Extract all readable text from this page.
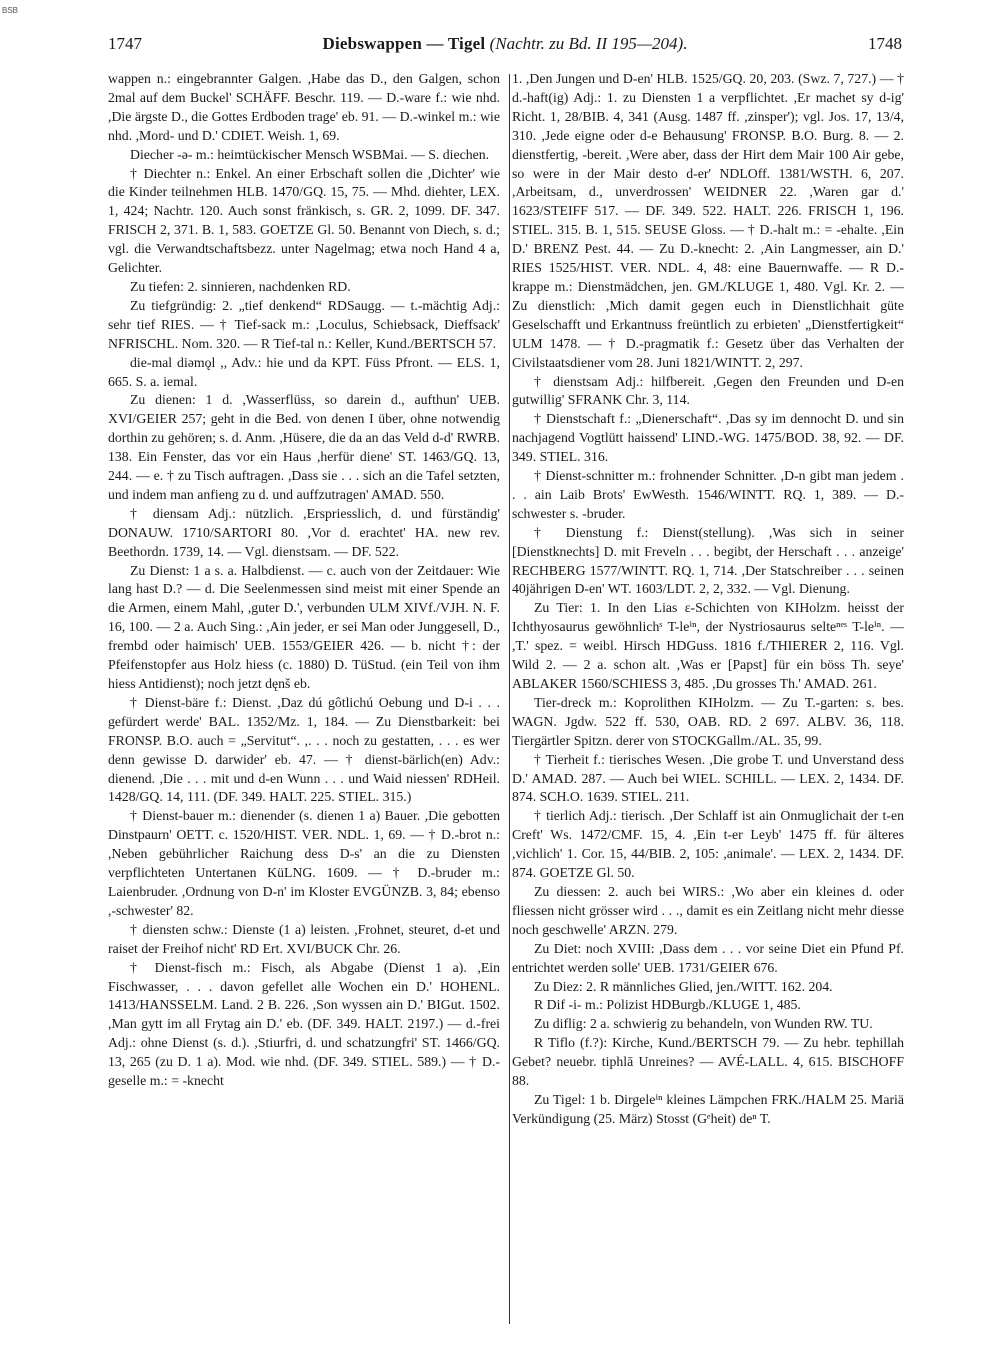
BSB
1747	Diebswappen — Tigel (Nachtr. zu Bd. II 195—204).	1748

wappen n.: eingebrannter Galgen. ,Habe das D., den Galgen, schon 2mal auf dem Buckel' SCHÄFF. Beschr. 119. — D.-ware f.: wie nhd. ,Die ärgste D., die Gottes Erdboden trage' eb. 91. — D.-winkel m.: wie nhd. ,Mord- und D.' CDIET. Weish. 1, 69.

Diecher -ǝ- m.: heimtückischer Mensch WSBMai. — S. diechen.

† Diechter n.: Enkel. An einer Erbschaft sollen die ,Dichter' wie die Kinder teilnehmen HLB. 1470/GQ. 15, 75. — Mhd. diehter, LEX. 1, 424; Nachtr. 120. Auch sonst fränkisch, s. GR. 2, 1099. DF. 347. FRISCH 2, 371. B. 1, 583. GOETZE Gl. 50. Benannt von Diech, s. d.; vgl. die Verwandtschaftsbezz. unter Nagelmag; etwa noch Hand 4 a, Gelichter.

Zu tiefen: 2. sinnieren, nachdenken RD.

Zu tiefgründig: 2. „tief denkend“ RDSaugg. — t.-mächtig Adj.: sehr tief RIES. — † Tief-sack m.: ,Loculus, Schiebsack, Dieffsack' NFRISCHL. Nom. 320. — R Tief-tal n.: Keller, Kund./BERTSCH 57.

die-mal diǝmǫl ,, Adv.: hie und da KPT. Füss Pfront. — ELS. 1, 665. S. a. iemal.

Zu dienen: 1 d. ,Wasserflüss, so darein d., aufthun' UEB. XVI/GEIER 257; geht in die Bed. von denen I über, ohne notwendig dorthin zu gehören; s. d. Anm. ,Hüsere, die da an das Veld d-d' RWRB. 138. Ein Fenster, das vor ein Haus ,herfür diene' ST. 1463/GQ. 13, 244. — e. † zu Tisch auftragen. ,Dass sie . . . sich an die Tafel setzten, und indem man anfieng zu d. und auffzutragen' AMAD. 550.

† diensam Adj.: nützlich. ,Erspriesslich, d. und fürständig' DONAUW. 1710/SARTORI 80. ,Vor d. erachtet' HA. new rev. Beethordn. 1739, 14. — Vgl. dienstsam. — DF. 522.

Zu Dienst: 1 a s. a. Halbdienst. — c. auch von der Zeitdauer: Wie lang hast D.? — d. Die Seelenmessen sind meist mit einer Spende an die Armen, einem Mahl, ,guter D.', verbunden ULM XIVf./VJH. N. F. 16, 100. — 2 a. Auch Sing.: ,Ain jeder, er sei Man oder Junggesell, D., frembd oder haimisch' UEB. 1553/GEIER 426. — b. nicht †: der Pfeifenstopfer aus Holz hiess (c. 1880) D. TüStud. (ein Teil von ihm hiess Antidienst); noch jetzt dęnš eb.

† Dienst-bäre f.: Dienst. ,Daz dú gôtlichú Oebung und D-i . . . gefürdert werde' BAL. 1352/Mz. 1, 184. — Zu Dienstbarkeit: bei FRONSP. B.O. auch = „Servitut“. ,. . . noch zu gestatten, . . . es wer denn gewisse D. darwider' eb. 47. — † dienst-bärlich(en) Adv.: dienend. ,Die . . . mit und d-en Wunn . . . und Waid niessen' RDHeil. 1428/GQ. 14, 111. (DF. 349. HALT. 225. STIEL. 315.)

† Dienst-bauer m.: dienender (s. dienen 1 a) Bauer. ,Die gebotten Dinstpaurn' OETT. c. 1520/HIST. VER. NDL. 1, 69. — † D.-brot n.: ,Neben gebührlicher Raichung dess D-s' an die zu Diensten verpflichteten Untertanen KüLNG. 1609. — † D.-bruder m.: Laienbruder. ,Ordnung von D-n' im Kloster EVGÜNZB. 3, 84; ebenso ,-schwester' 82.

† diensten schw.: Dienste (1 a) leisten. ,Frohnet, steuret, d-et und raiset der Freihof nicht' RD Ert. XVI/BUCK Chr. 26.

† Dienst-fisch m.: Fisch, als Abgabe (Dienst 1 a). ,Ein Fischwasser, . . . davon gefellet alle Wochen ein D.' HOHENL. 1413/HANSSELM. Land. 2 B. 226. ,Son wyssen ain D.' BIGut. 1502. ,Man gytt im all Frytag ain D.' eb. (DF. 349. HALT. 2197.) — d.-frei Adj.: ohne Dienst (s. d.). ,Stiurfri, d. und schatzungfri' ST. 1466/GQ. 13, 265 (zu D. 1 a). Mod. wie nhd. (DF. 349. STIEL. 589.) — † D.-geselle m.: = -knecht

1. ,Den Jungen und D-en' HLB. 1525/GQ. 20, 203. (Swz. 7, 727.) — † d.-haft(ig) Adj.: 1. zu Diensten 1 a verpflichtet. ,Er machet sy d-ig' Richt. 1, 28/BIB. 4, 341 (Ausg. 1487 ff. ,zinsper'); vgl. Jos. 17, 13/4, 310. ,Jede eigne oder d-e Behausung' FRONSP. B.O. Burg. 8. — 2. dienstfertig, -bereit. ,Were aber, dass der Hirt dem Mair 100 Air gebe, so were in der Mair desto d-er' NDLOff. 1381/WSTH. 6, 207. ,Arbeitsam, d., unverdrossen' WEIDNER 22. ,Waren gar d.' 1623/STEIFF 517. — DF. 349. 522. HALT. 226. FRISCH 1, 196. STIEL. 315. B. 1, 515. SEUSE Gloss. — † D.-halt m.: = -ehalte. ,Ein D.' BRENZ Pest. 44. — Zu D.-knecht: 2. ,Ain Langmesser, ain D.' RIES 1525/HIST. VER. NDL. 4, 48: eine Bauernwaffe. — R D.-krappe m.: Dienstmädchen, jen. GM./KLUGE 1, 480. Vgl. Kr. 2. — Zu dienstlich: ,Mich damit gegen euch in Dienstlichhait güte Geselschafft und Erkantnuss freüntlich zu erbieten' „Dienstfertigkeit“ ULM 1478. — † D.-pragmatik f.: Gesetz über das Verhalten der Civilstaatsdiener vom 28. Juni 1821/WINTT. 2, 297.

† dienstsam Adj.: hilfbereit. ,Gegen den Freunden und D-en gutwillig' SFRANK Chr. 3, 114.

† Dienstschaft f.: „Dienerschaft“. ,Das sy im dennocht D. und sin nachjagend Vogtlütt haissend' LIND.-WG. 1475/BOD. 38, 92. — DF. 349. STIEL. 316.

† Dienst-schnitter m.: frohnender Schnitter. ,D-n gibt man jedem . . . ain Laib Brots' EwWesth. 1546/WINTT. RQ. 1, 389. — D.-schwester s. -bruder.

† Dienstung f.: Dienst(stellung). ,Was sich in seiner [Dienstknechts] D. mit Freveln . . . begibt, der Herschaft . . . anzeige' RECHBERG 1577/WINTT. RQ. 1, 714. ,Der Statschreiber . . . seinen 40jährigen D-en' WT. 1603/LDT. 2, 2, 332. — Vgl. Dienung.

Zu Tier: 1. In den Lias ε-Schichten von KIHolzm. heisst der Ichthyosaurus gewöhnlichˢ T-leⁱⁿ, der Nystriosaurus selteⁿᵉˢ T-leⁱⁿ. — ,T.' spez. = weibl. Hirsch HDGuss. 1816 f./THIERER 2, 116. Vgl. Wild 2. — 2 a. schon alt. ,Was er [Papst] für ein böss Th. seye' ABLAKER 1560/SCHIESS 3, 485. ,Du grosses Th.' AMAD. 261.

Tier-dreck m.: Koprolithen KIHolzm. — Zu T.-garten: s. bes. WAGN. Jgdw. 522 ff. 530, OAB. RD. 2 697. ALBV. 36, 118. Tiergärtler Spitzn. derer von STOCKGallm./AL. 35, 99.

† Tierheit f.: tierisches Wesen. ,Die grobe T. und Unverstand dess D.' AMAD. 287. — Auch bei WIEL. SCHILL. — LEX. 2, 1434. DF. 874. SCH.O. 1639. STIEL. 211.

† tierlich Adj.: tierisch. ,Der Schlaff ist ain Onmuglichait der t-en Creft' Ws. 1472/CMF. 15, 4. ,Ein t-er Leyb' 1475 ff. für älteres ,vichlich' 1. Cor. 15, 44/BIB. 2, 105: ,animale'. — LEX. 2, 1434. DF. 874. GOETZE Gl. 50.

Zu diessen: 2. auch bei WIRS.: ,Wo aber ein kleines d. oder fliessen nicht grösser wird . . ., damit es ein Zeitlang nicht mehr diesse noch geschwelle' ARZN. 279.

Zu Diet: noch XVIII: ,Dass dem . . . vor seine Diet ein Pfund Pf. entrichtet werden solle' UEB. 1731/GEIER 676.

Zu Diez: 2. R männliches Glied, jen./WITT. 162. 204.

R Dif -i- m.: Polizist HDBurgb./KLUGE 1, 485.

Zu diflig: 2 a. schwierig zu behandeln, von Wunden RW. TU.

R Tiflo (f.?): Kirche, Kund./BERTSCH 79. — Zu hebr. tephillah Gebet? neuebr. tiphlā Unreines? — AVÉ-LALL. 4, 615. BISCHOFF 88.

Zu Tigel: 1 b. Dirgeleⁱⁿ kleines Lämpchen FRK./HALM 25. Mariä Verkündigung (25. März) Stosst (Gᵉheit) deⁿ T.
